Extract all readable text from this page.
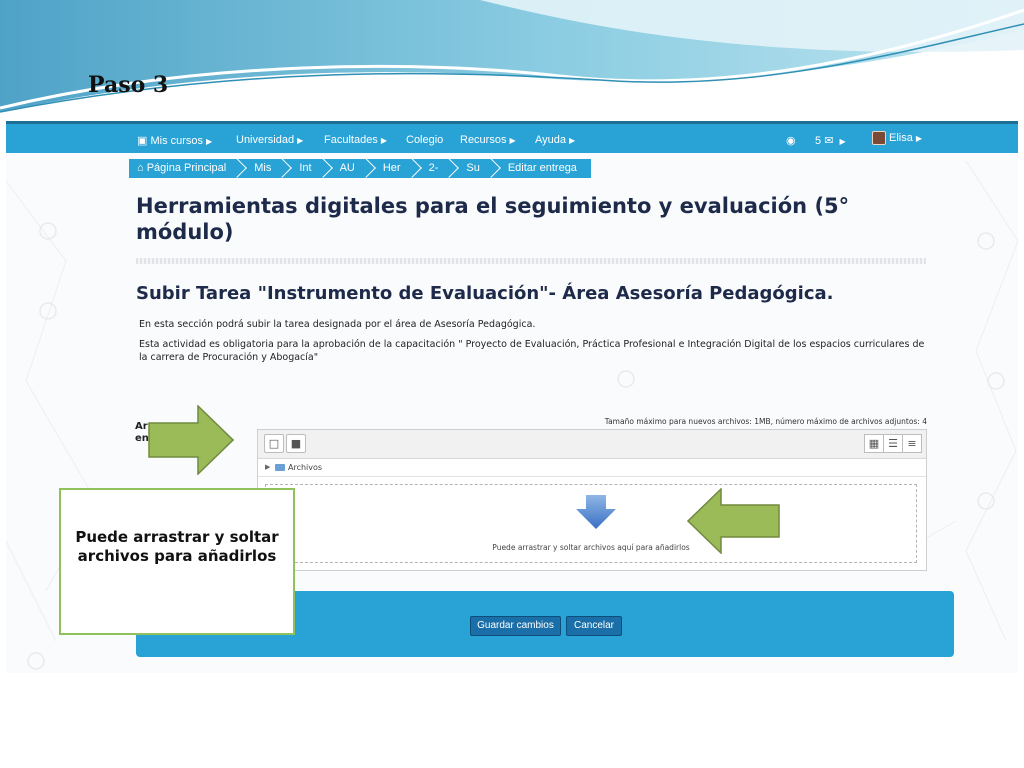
Paso 3
▣ Mis cursos ▶ Universidad ▶ Facultades ▶ Colegio Recursos ▶ Ayuda ▶	◉ 5 ✉ ▶	Elisa ▶
⌂ Página Principal	Mis	Int	AU	Her	2-	Su	Editar entrega
Herramientas digitales para el seguimiento y evaluación (5° módulo)
Subir Tarea "Instrumento de Evaluación"- Área Asesoría Pedagógica.

En esta sección podrá subir la tarea designada por el área de Asesoría Pedagógica.

Esta actividad es obligatoria para la aprobación de la capacitación " Proyecto de Evaluación, Práctica Profesional e Integración Digital de los espacios curriculares de la carrera de Procuración y Abogacía"

Ar
en
Tamaño máximo para nuevos archivos: 1MB, número máximo de archivos adjuntos: 4
□	■	▦ ☰ ≡
▶ Archivos
Puede arrastrar y soltar archivos aquí para añadirlos
Guardar cambios	Cancelar
Puede arrastrar y soltar archivos para añadirlos
